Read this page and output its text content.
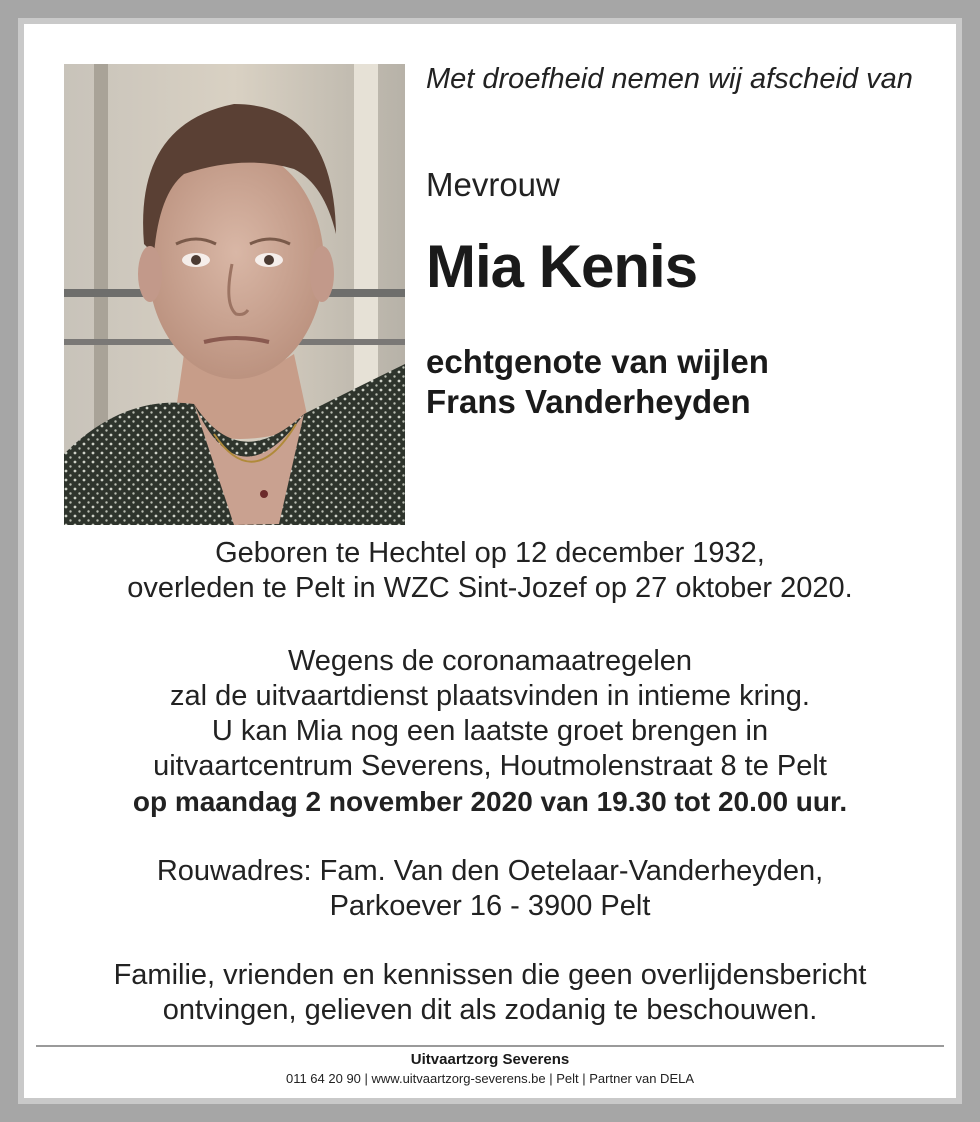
Met droefheid nemen wij afscheid van
Mevrouw
Mia Kenis
echtgenote van wijlen
Frans Vanderheyden
Geboren te Hechtel op 12 december 1932,
overleden te Pelt in WZC Sint-Jozef op 27 oktober 2020.
Wegens de coronamaatregelen
zal de uitvaartdienst plaatsvinden in intieme kring.
U kan Mia nog een laatste groet brengen in
uitvaartcentrum Severens, Houtmolenstraat 8 te Pelt
op maandag 2 november 2020 van 19.30 tot 20.00 uur.
Rouwadres: Fam. Van den Oetelaar-Vanderheyden,
Parkoever 16 - 3900 Pelt
Familie, vrienden en kennissen die geen overlijdensbericht
ontvingen, gelieven dit als zodanig te beschouwen.
Uitvaartzorg Severens
011 64 20 90 | www.uitvaartzorg-severens.be | Pelt | Partner van DELA
